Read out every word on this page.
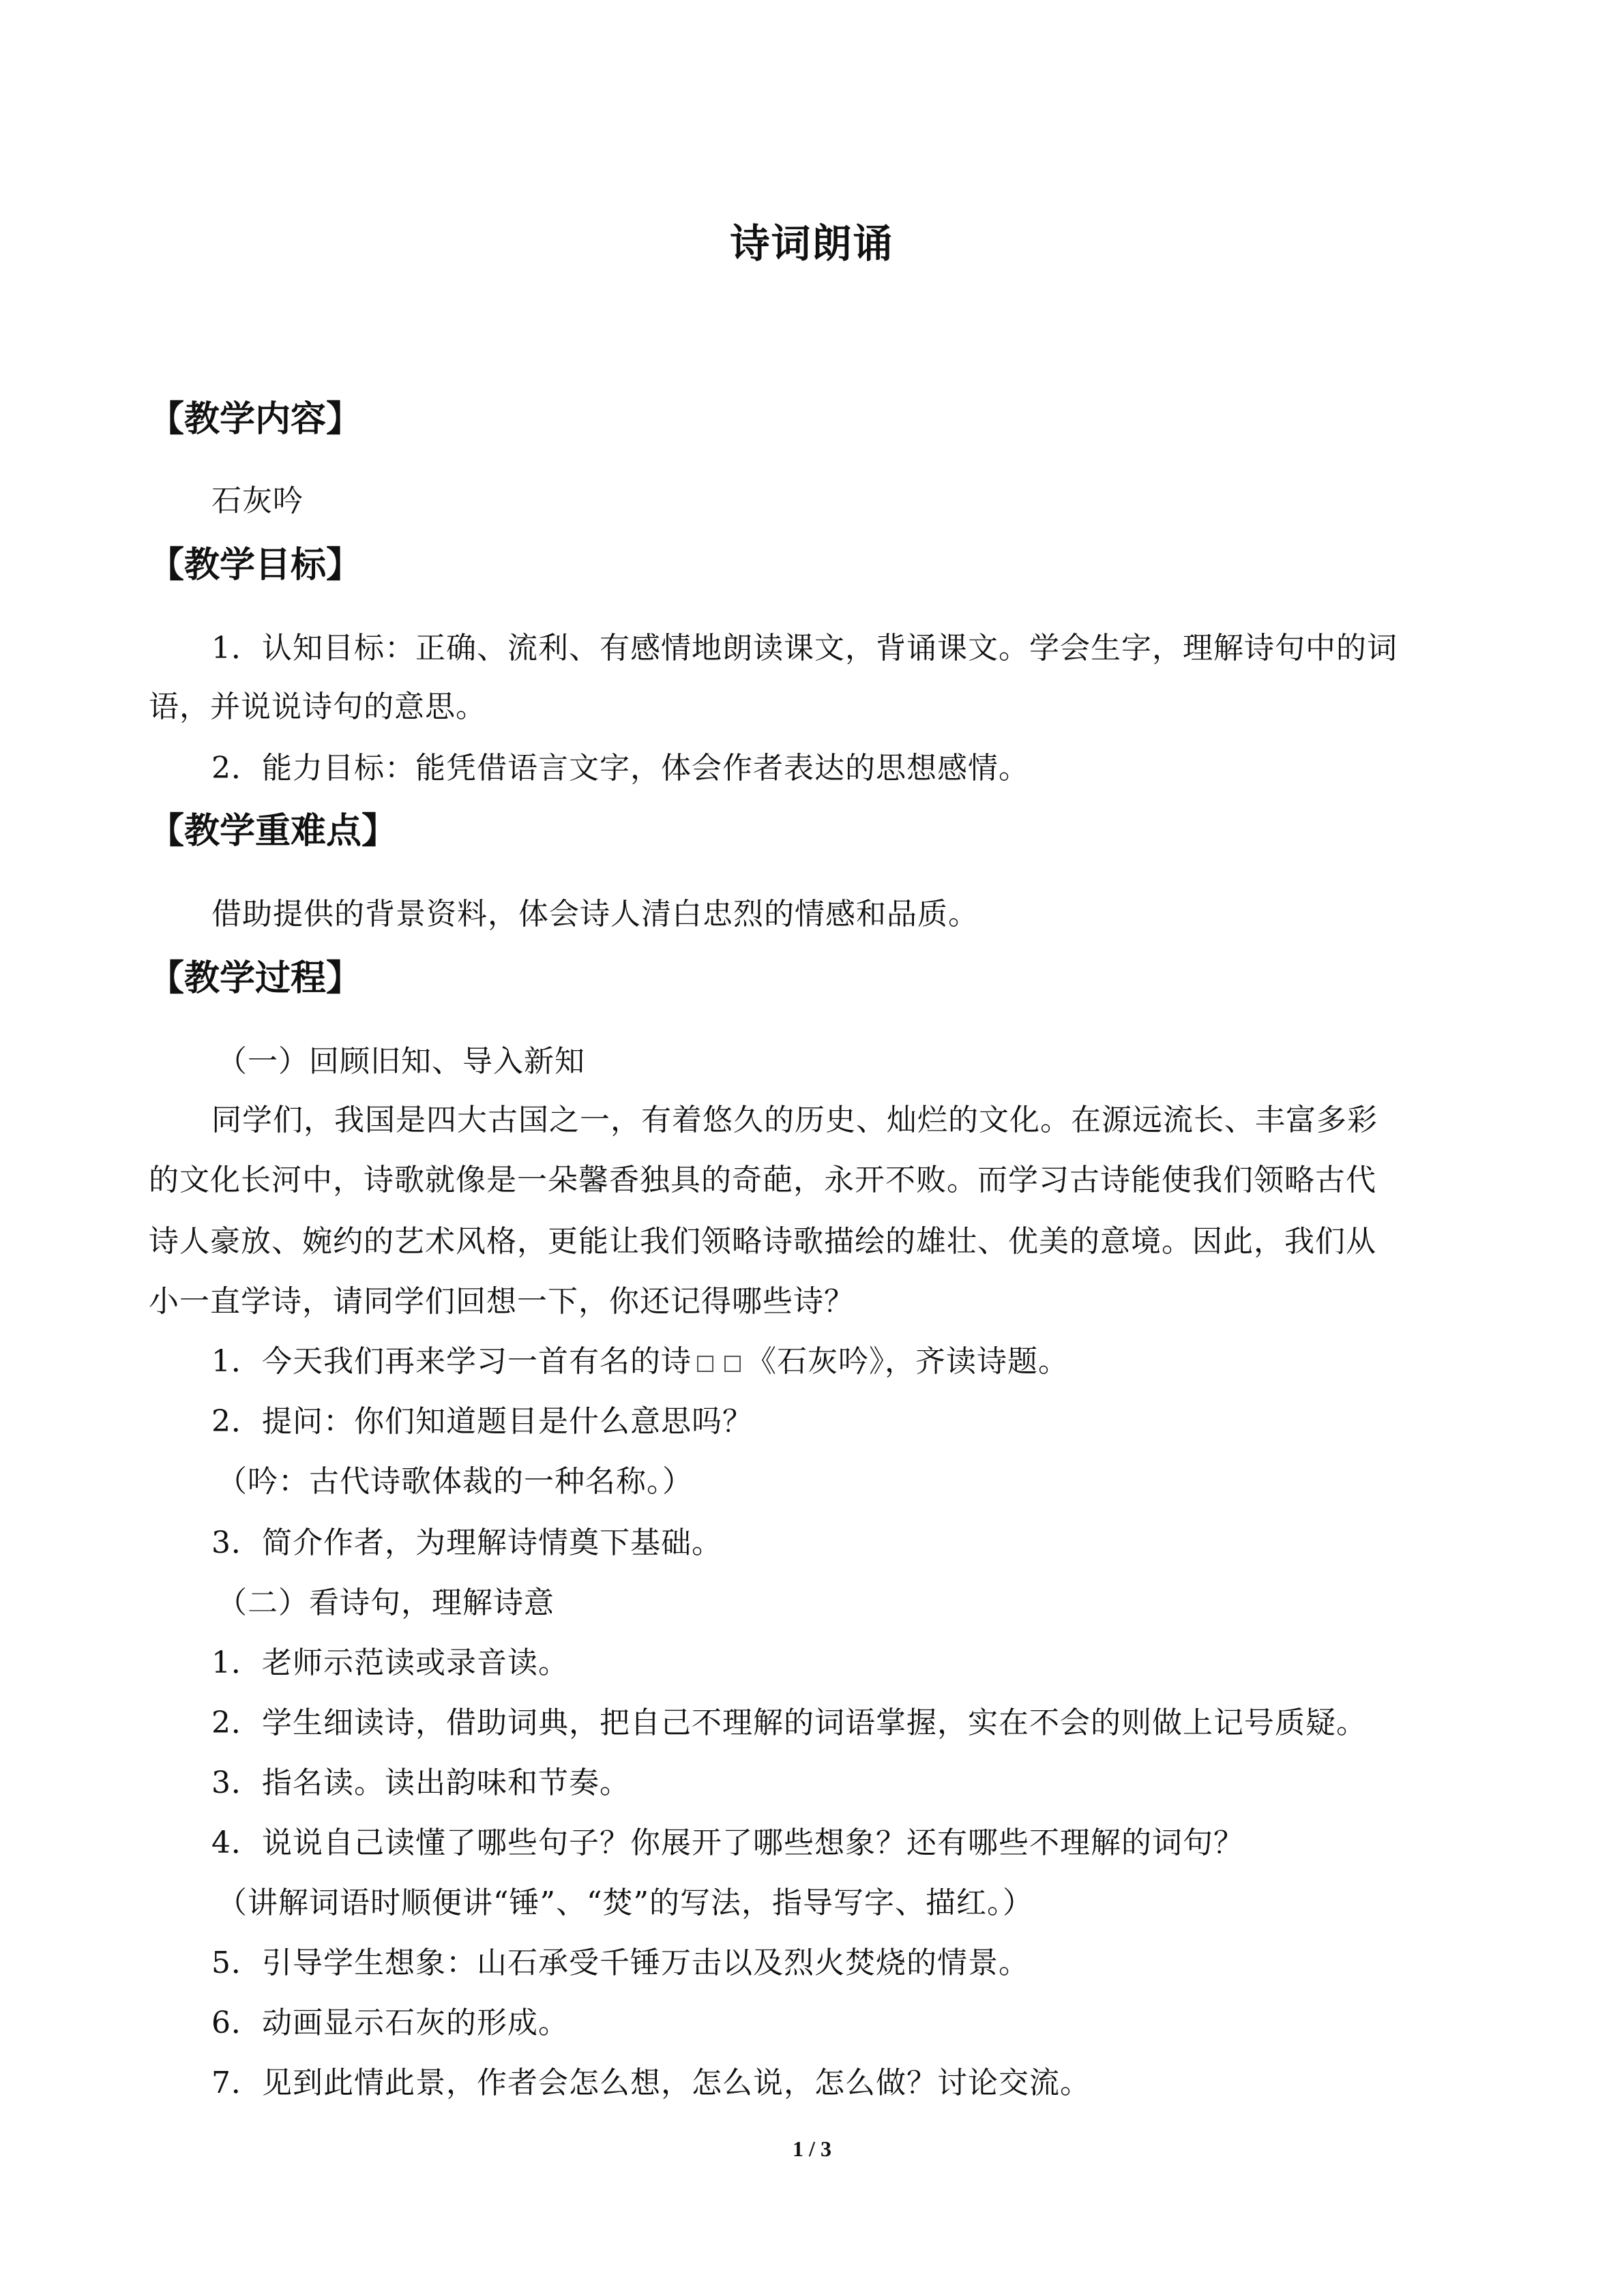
诗词朗诵
【教学内容】
石灰吟
【教学目标】
1．认知目标：正确、流利、有感情地朗读课文，背诵课文。学会生字，理解诗句中的词
语，并说说诗句的意思。
2．能力目标：能凭借语言文字，体会作者表达的思想感情。
【教学重难点】
借助提供的背景资料，体会诗人清白忠烈的情感和品质。
【教学过程】
（一）回顾旧知、导入新知
同学们，我国是四大古国之一，有着悠久的历史、灿烂的文化。在源远流长、丰富多彩
的文化长河中，诗歌就像是一朵馨香独具的奇葩，永开不败。而学习古诗能使我们领略古代
诗人豪放、婉约的艺术风格，更能让我们领略诗歌描绘的雄壮、优美的意境。因此，我们从
小一直学诗，请同学们回想一下，你还记得哪些诗？
1．今天我们再来学习一首有名的诗 《石灰吟》，齐读诗题。
2．提问：你们知道题目是什么意思吗？
（吟：古代诗歌体裁的一种名称。）
3．简介作者，为理解诗情奠下基础。
（二）看诗句，理解诗意
1．老师示范读或录音读。
2．学生细读诗，借助词典，把自己不理解的词语掌握，实在不会的则做上记号质疑。
3．指名读。读出韵味和节奏。
4．说说自己读懂了哪些句子？你展开了哪些想象？还有哪些不理解的词句？
（讲解词语时顺便讲“锤”、“焚”的写法，指导写字、描红。）
5．引导学生想象：山石承受千锤万击以及烈火焚烧的情景。
6．动画显示石灰的形成。
7．见到此情此景，作者会怎么想，怎么说，怎么做？讨论交流。
1 / 3
